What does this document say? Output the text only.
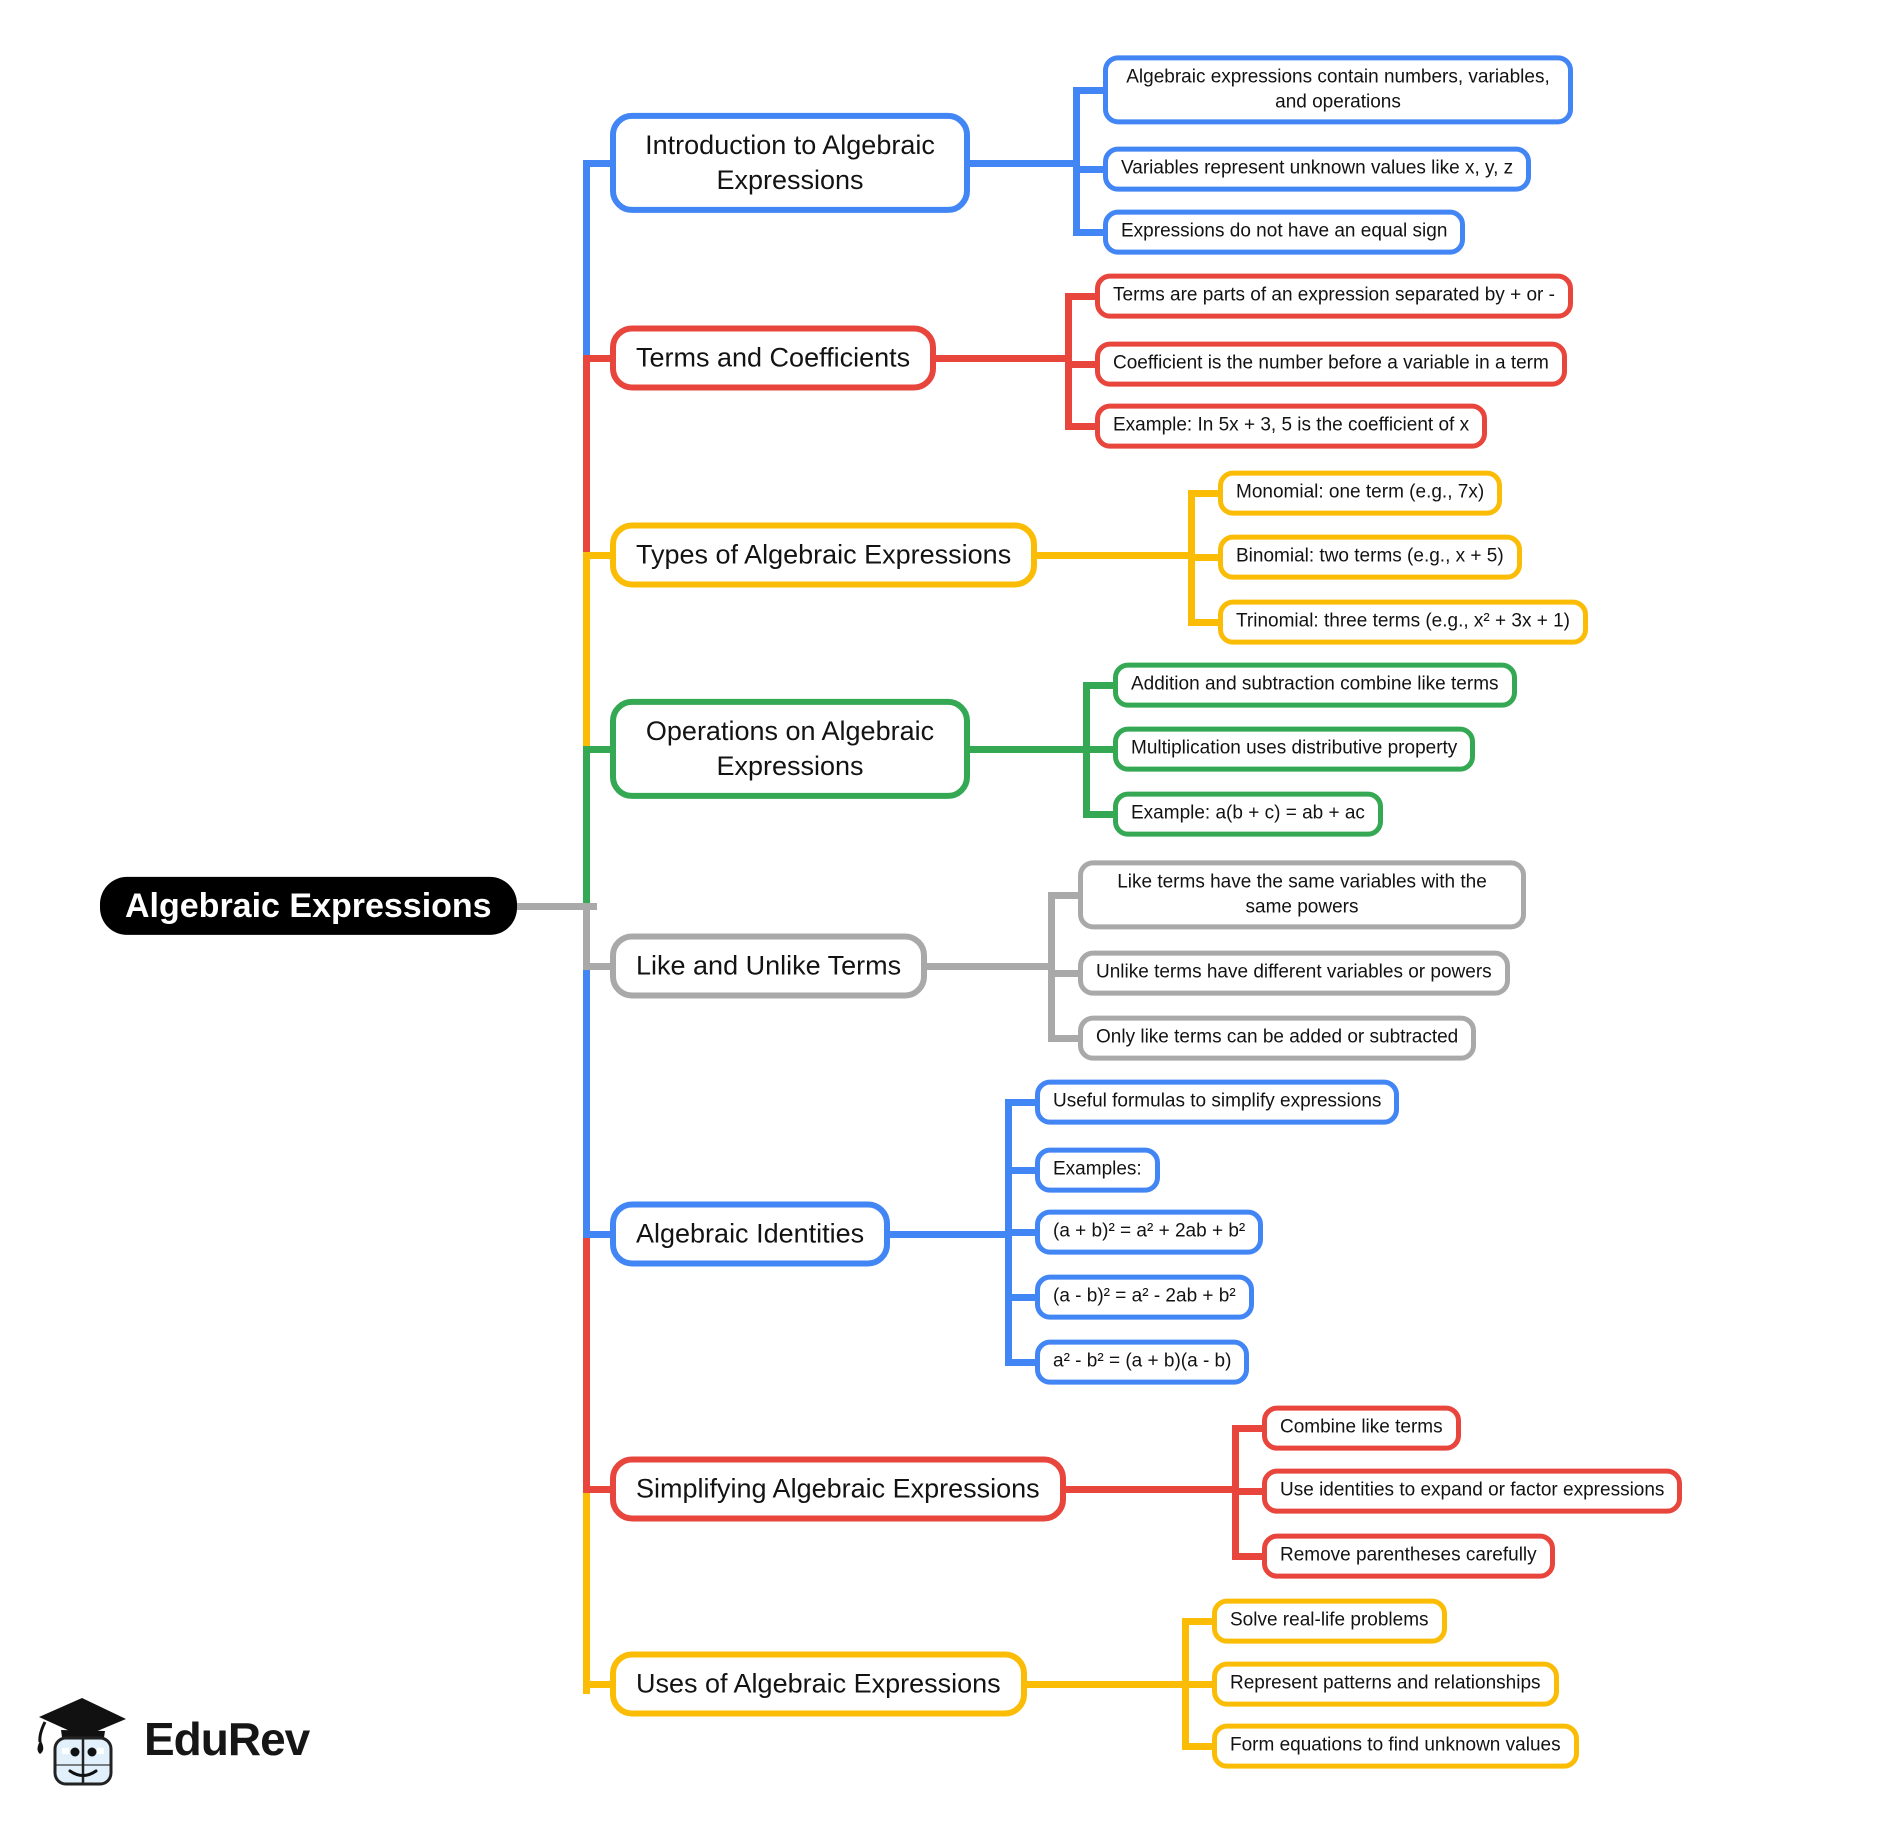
Algebraic Expressions
EduRev
Algebraic expressions contain numbers, variables, and operations
Variables represent unknown values like x, y, z
Expressions do not have an equal sign
Introduction to Algebraic Expressions
Terms are parts of an expression separated by + or -
Coefficient is the number before a variable in a term
Example: In 5x + 3, 5 is the coefficient of x
Terms and Coefficients
Monomial: one term (e.g., 7x)
Binomial: two terms (e.g., x + 5)
Trinomial: three terms (e.g., x² + 3x + 1)
Types of Algebraic Expressions
Addition and subtraction combine like terms
Multiplication uses distributive property
Example: a(b + c) = ab + ac
Operations on Algebraic Expressions
Like terms have the same variables with the same powers
Unlike terms have different variables or powers
Only like terms can be added or subtracted
Like and Unlike Terms
Useful formulas to simplify expressions
Examples:
(a + b)² = a² + 2ab + b²
(a - b)² = a² - 2ab + b²
a² - b² = (a + b)(a - b)
Algebraic Identities
Combine like terms
Use identities to expand or factor expressions
Remove parentheses carefully
Simplifying Algebraic Expressions
Solve real-life problems
Represent patterns and relationships
Form equations to find unknown values
Uses of Algebraic Expressions
